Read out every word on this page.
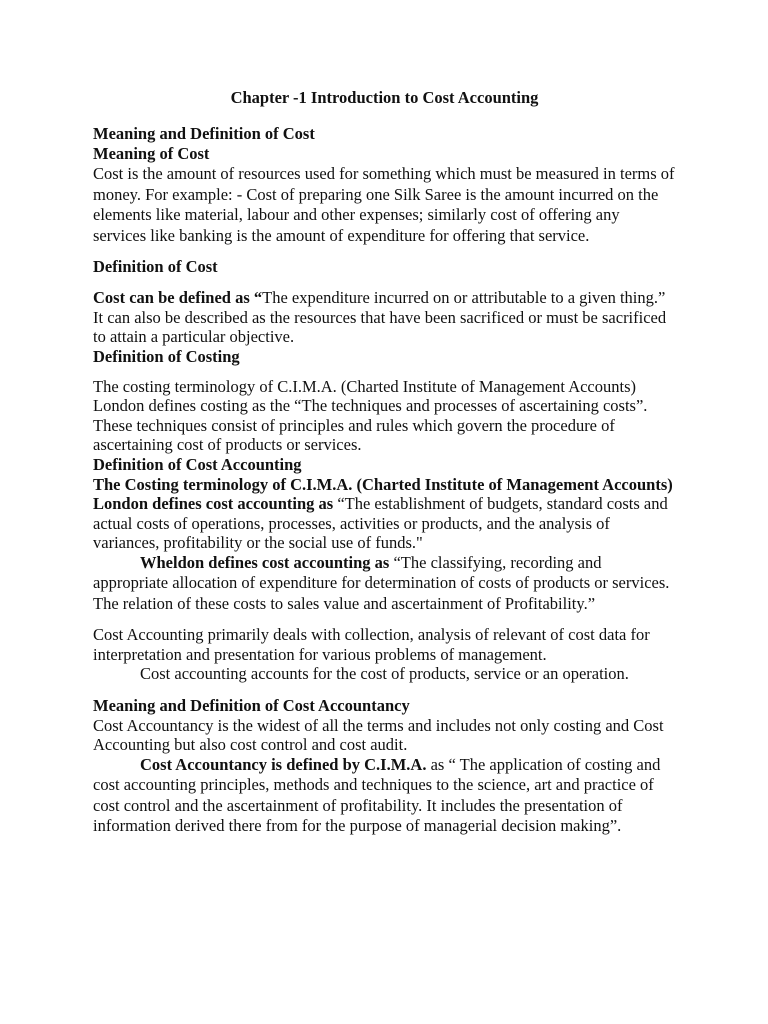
Chapter -1 Introduction to Cost Accounting
Meaning and Definition of Cost
Meaning of Cost

Cost is the amount of resources used for something which must be measured in terms of money. For example: - Cost of preparing one Silk Saree is the amount incurred on the elements like material, labour and other expenses; similarly cost of offering any services like banking is the amount of expenditure for offering that service.

Definition of Cost

Cost can be defined as “The expenditure incurred on or attributable to a given thing.” It can also be described as the resources that have been sacrificed or must be sacrificed to attain a particular objective.

Definition of Costing

The costing terminology of C.I.M.A. (Charted Institute of Management Accounts) London defines costing as the “The techniques and processes of ascertaining costs”. These techniques consist of principles and rules which govern the procedure of ascertaining cost of products or services.

Definition of Cost Accounting

The Costing terminology of C.I.M.A. (Charted Institute of Management Accounts) London defines cost accounting as “The establishment of budgets, standard costs and actual costs of operations, processes, activities or products, and the analysis of variances, profitability or the social use of funds."

Wheldon defines cost accounting as “The classifying, recording and appropriate allocation of expenditure for determination of costs of products or services. The relation of these costs to sales value and ascertainment of Profitability.”

Cost Accounting primarily deals with collection, analysis of relevant of cost data for interpretation and presentation for various problems of management.

Cost accounting accounts for the cost of products, service or an operation.

Meaning and Definition of Cost Accountancy

Cost Accountancy is the widest of all the terms and includes not only costing and Cost Accounting but also cost control and cost audit.

Cost Accountancy is defined by C.I.M.A. as “ The application of costing and cost accounting principles, methods and techniques to the science, art and practice of cost control and the ascertainment of profitability. It includes the presentation of information derived there from for the purpose of managerial decision making”.
